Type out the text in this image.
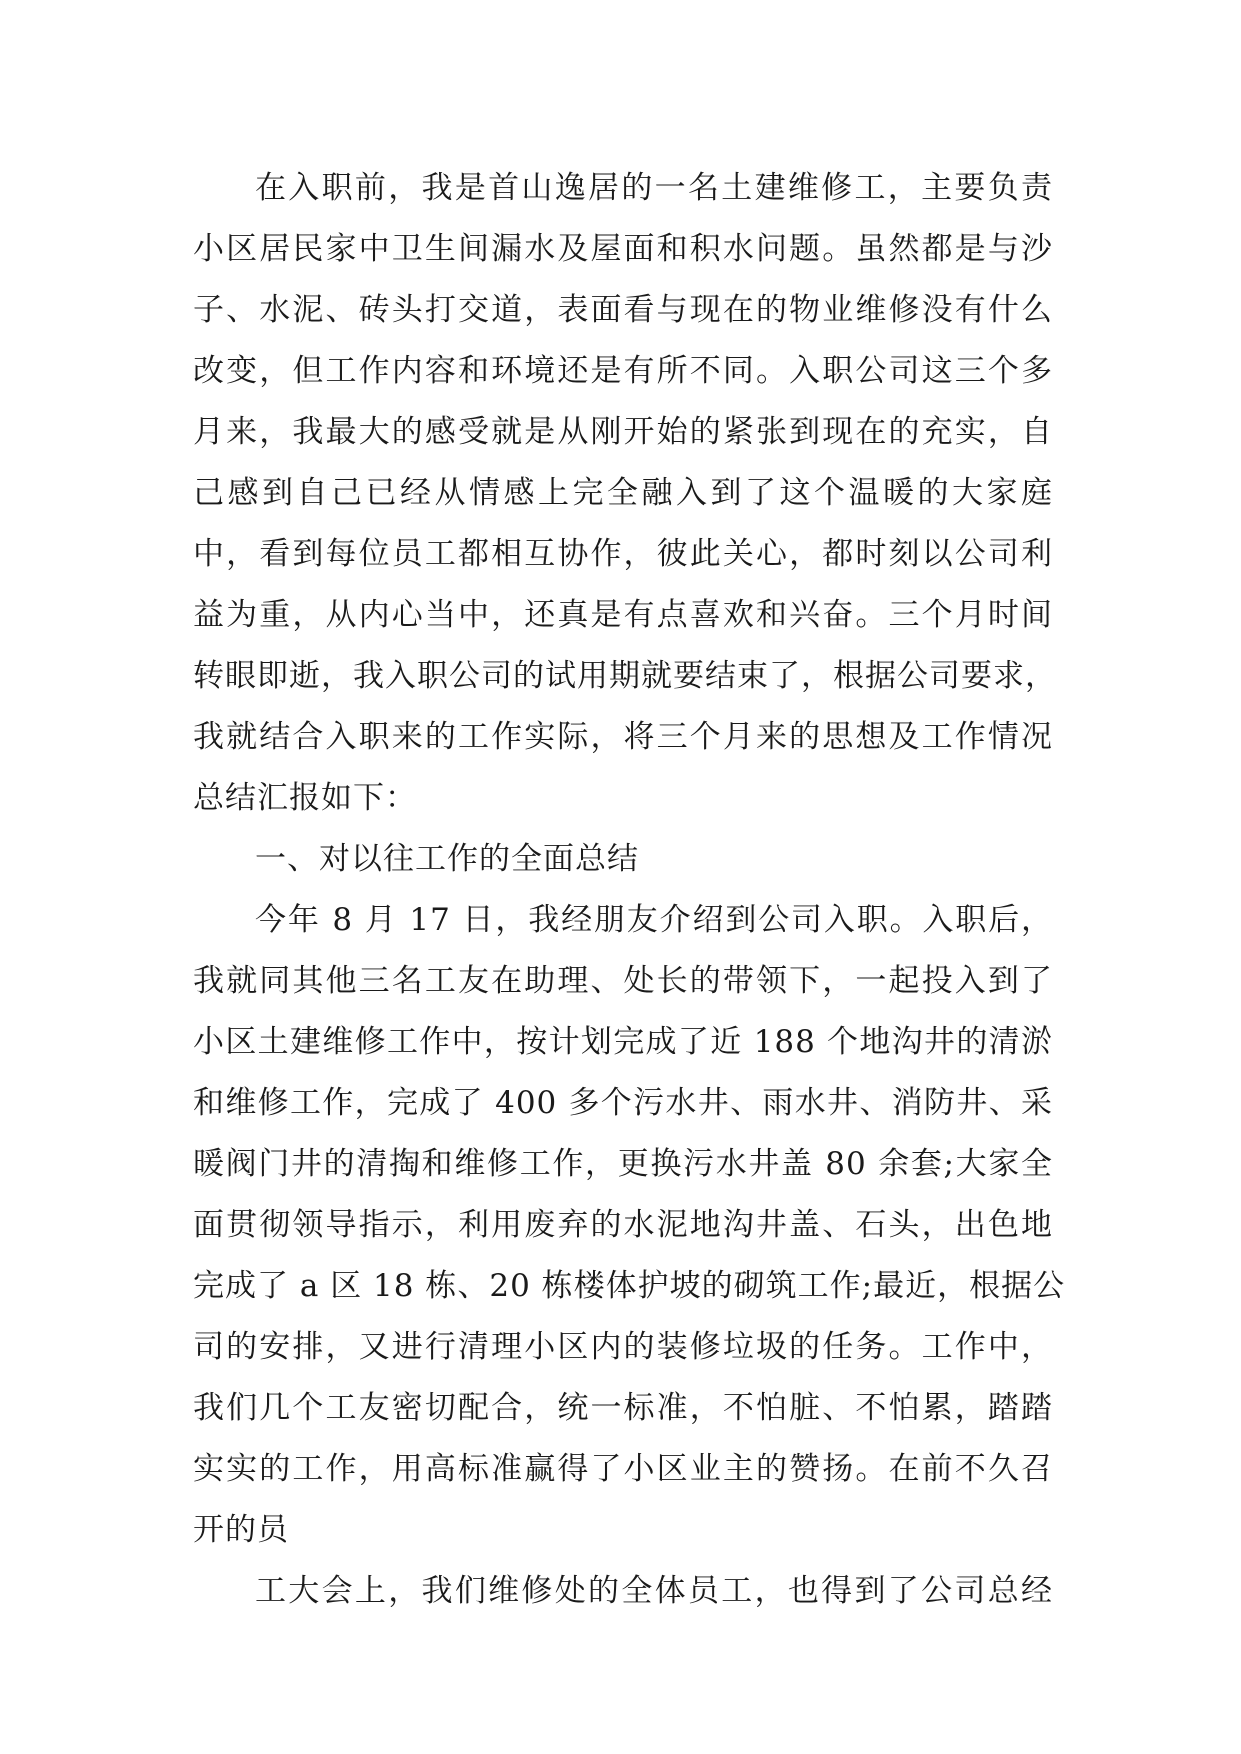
在入职前，我是首山逸居的一名土建维修工，主要负责
小区居民家中卫生间漏水及屋面和积水问题。虽然都是与沙
子、水泥、砖头打交道，表面看与现在的物业维修没有什么
改变，但工作内容和环境还是有所不同。入职公司这三个多
月来，我最大的感受就是从刚开始的紧张到现在的充实，自
己感到自己已经从情感上完全融入到了这个温暖的大家庭
中，看到每位员工都相互协作，彼此关心，都时刻以公司利
益为重，从内心当中，还真是有点喜欢和兴奋。三个月时间
转眼即逝，我入职公司的试用期就要结束了，根据公司要求，
我就结合入职来的工作实际，将三个月来的思想及工作情况
总结汇报如下：
一、对以往工作的全面总结
今年 8 月 17 日，我经朋友介绍到公司入职。入职后，
我就同其他三名工友在助理、处长的带领下，一起投入到了
小区土建维修工作中，按计划完成了近 188 个地沟井的清淤
和维修工作，完成了 400 多个污水井、雨水井、消防井、采
暖阀门井的清掏和维修工作，更换污水井盖 80 余套;大家全
面贯彻领导指示，利用废弃的水泥地沟井盖、石头，出色地
完成了 a 区 18 栋、20 栋楼体护坡的砌筑工作;最近，根据公
司的安排，又进行清理小区内的装修垃圾的任务。工作中，
我们几个工友密切配合，统一标准，不怕脏、不怕累，踏踏
实实的工作，用高标准赢得了小区业主的赞扬。在前不久召
开的员
工大会上，我们维修处的全体员工，也得到了公司总经
